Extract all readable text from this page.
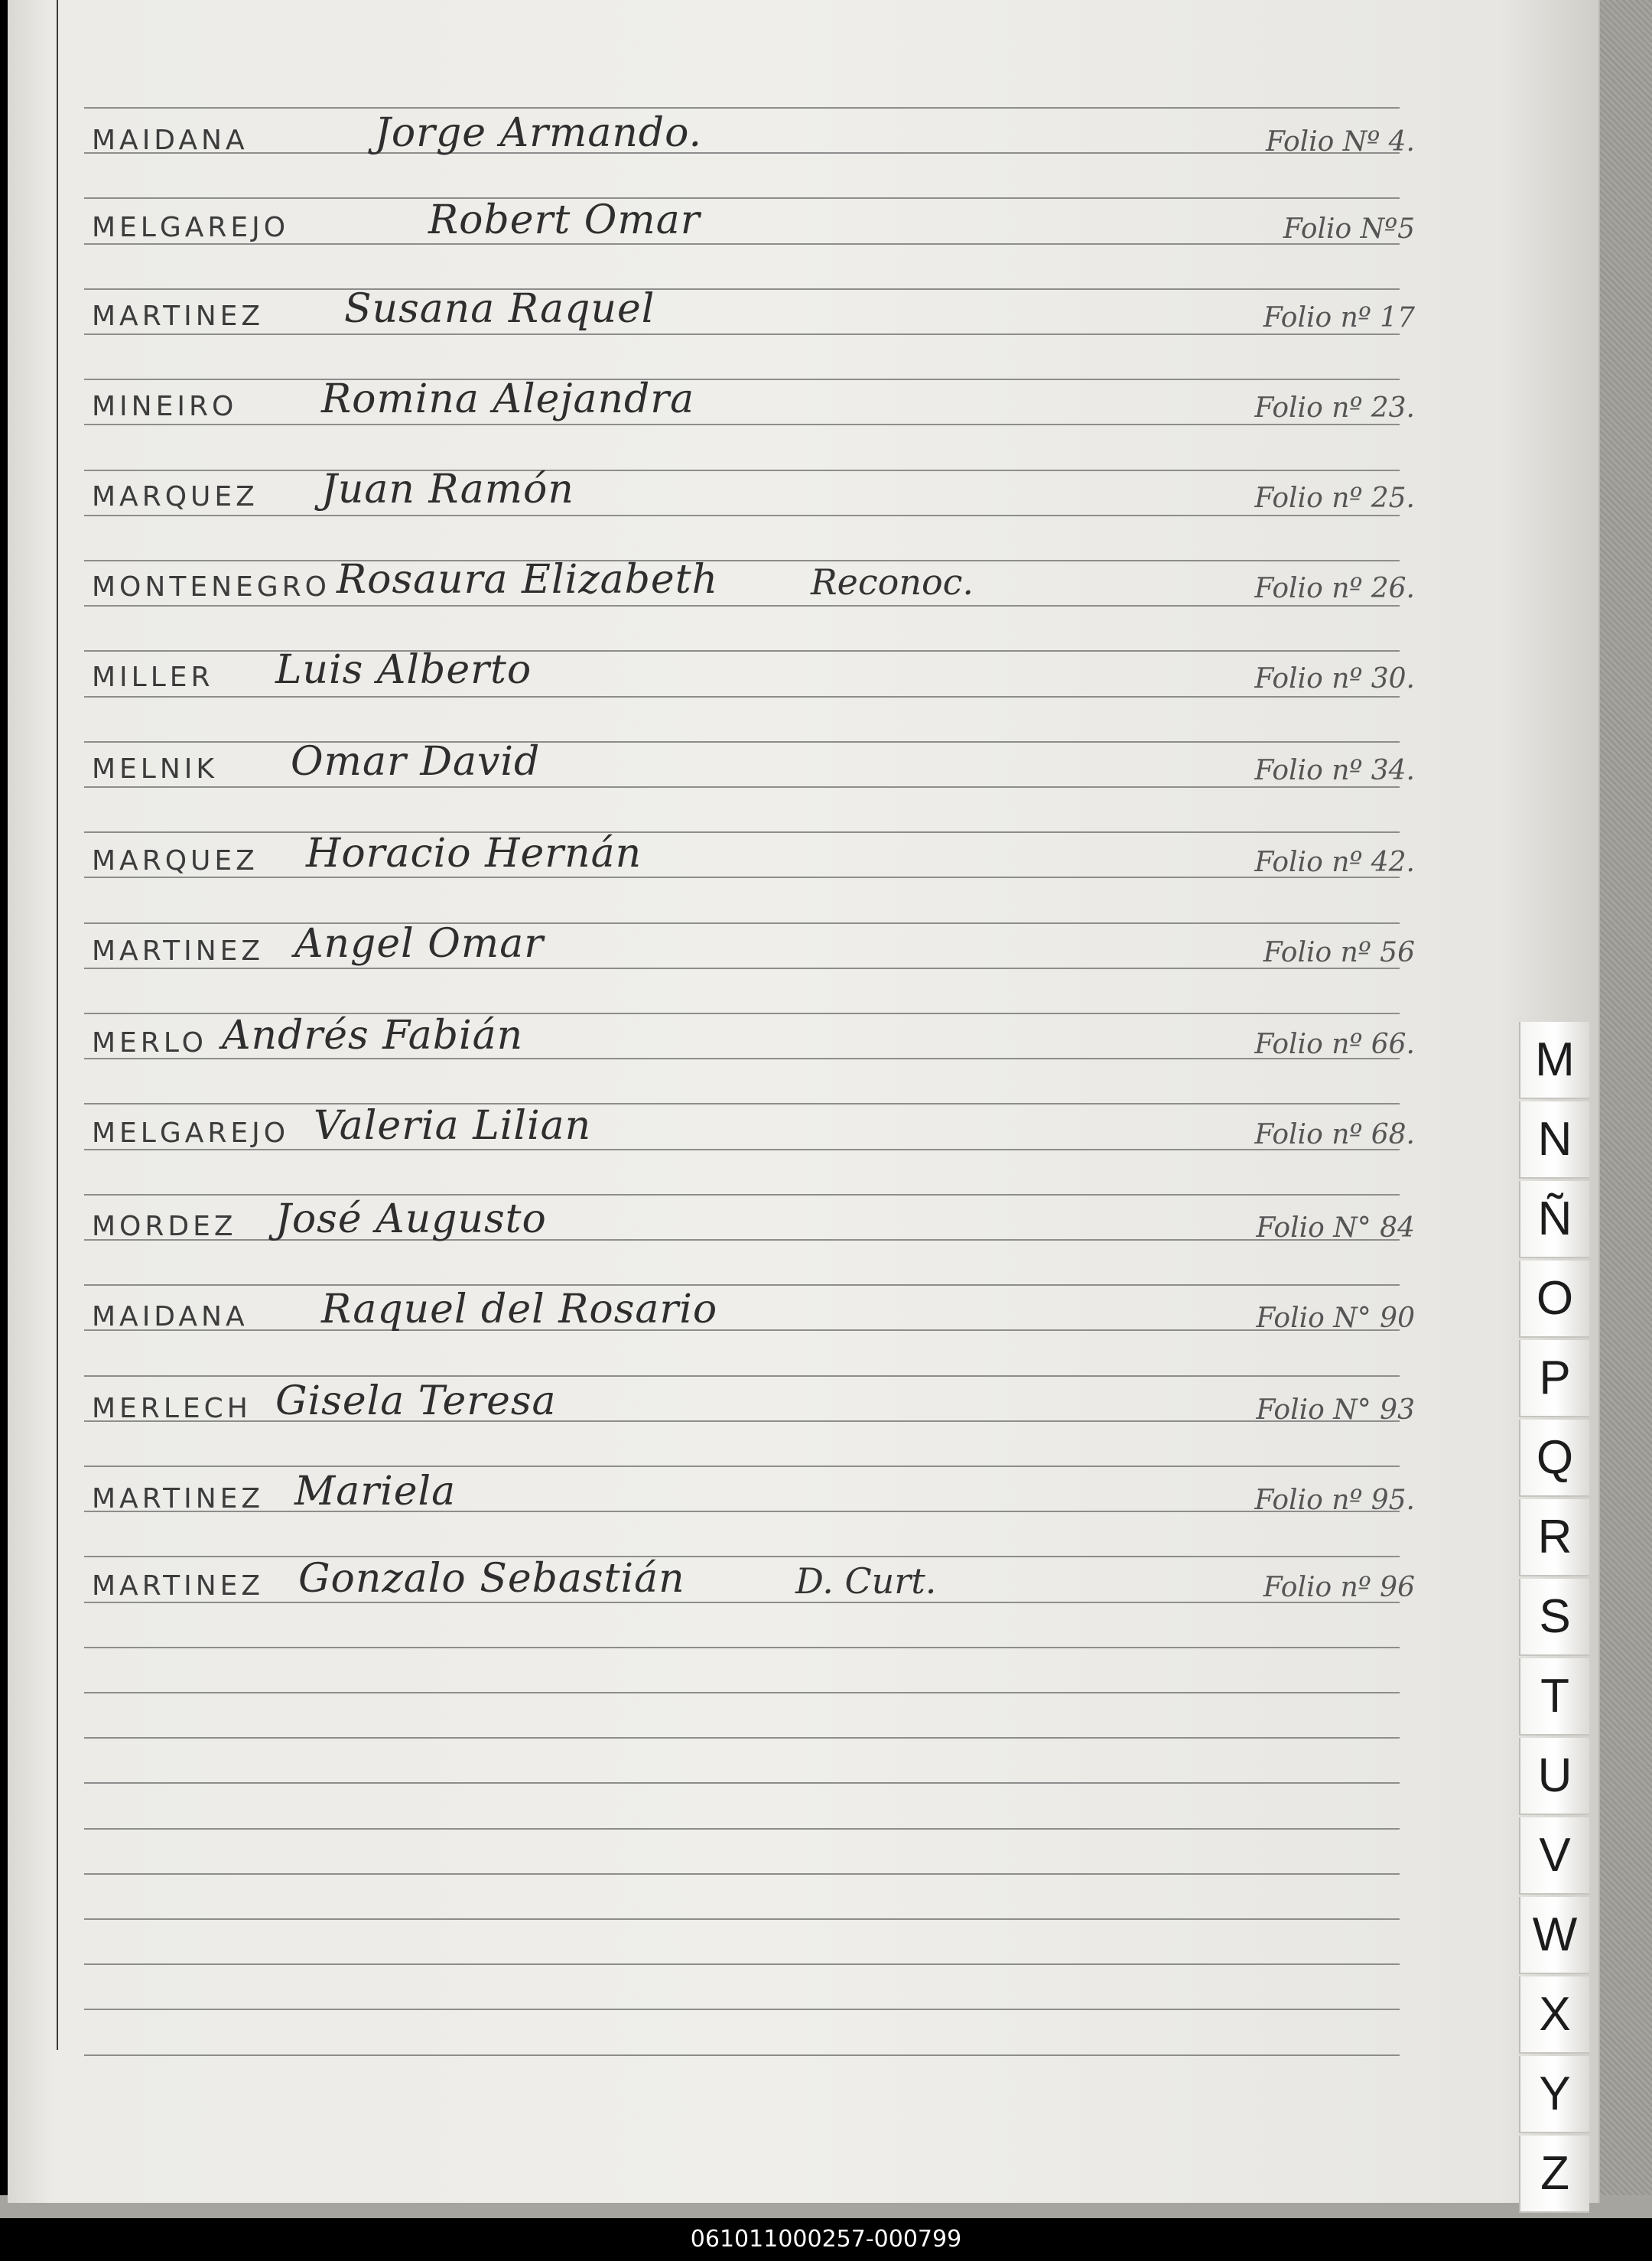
MAIDANA	Jorge Armando.	Folio Nº 4.
MELGAREJO	Robert Omar	Folio Nº5
MARTINEZ Susana Raquel	Folio nº 17
MINEIRO Romina Alejandra	Folio nº 23.
MARQUEZ Juan Ramón	Folio nº 25.
MONTENEGRO Rosaura Elizabeth	Reconoc.	Folio nº 26.
MILLER Luis Alberto	Folio nº 30.
MELNIK Omar David	Folio nº 34.
MARQUEZ Horacio Hernán	Folio nº 42.
MARTINEZ Angel Omar	Folio nº 56
MERLO Andrés Fabián	Folio nº 66.
MELGAREJO Valeria Lilian	Folio nº 68.
MORDEZ José Augusto	Folio N° 84
MAIDANA Raquel del Rosario	Folio N° 90
MERLECH Gisela Teresa	Folio N° 93
MARTINEZ Mariela	Folio nº 95.
MARTINEZ Gonzalo Sebastián	D. Curt.	Folio nº 96
M
N
Ñ
O
P
Q
R
S
T
U
V
W
X
Y
Z
061011000257-000799
